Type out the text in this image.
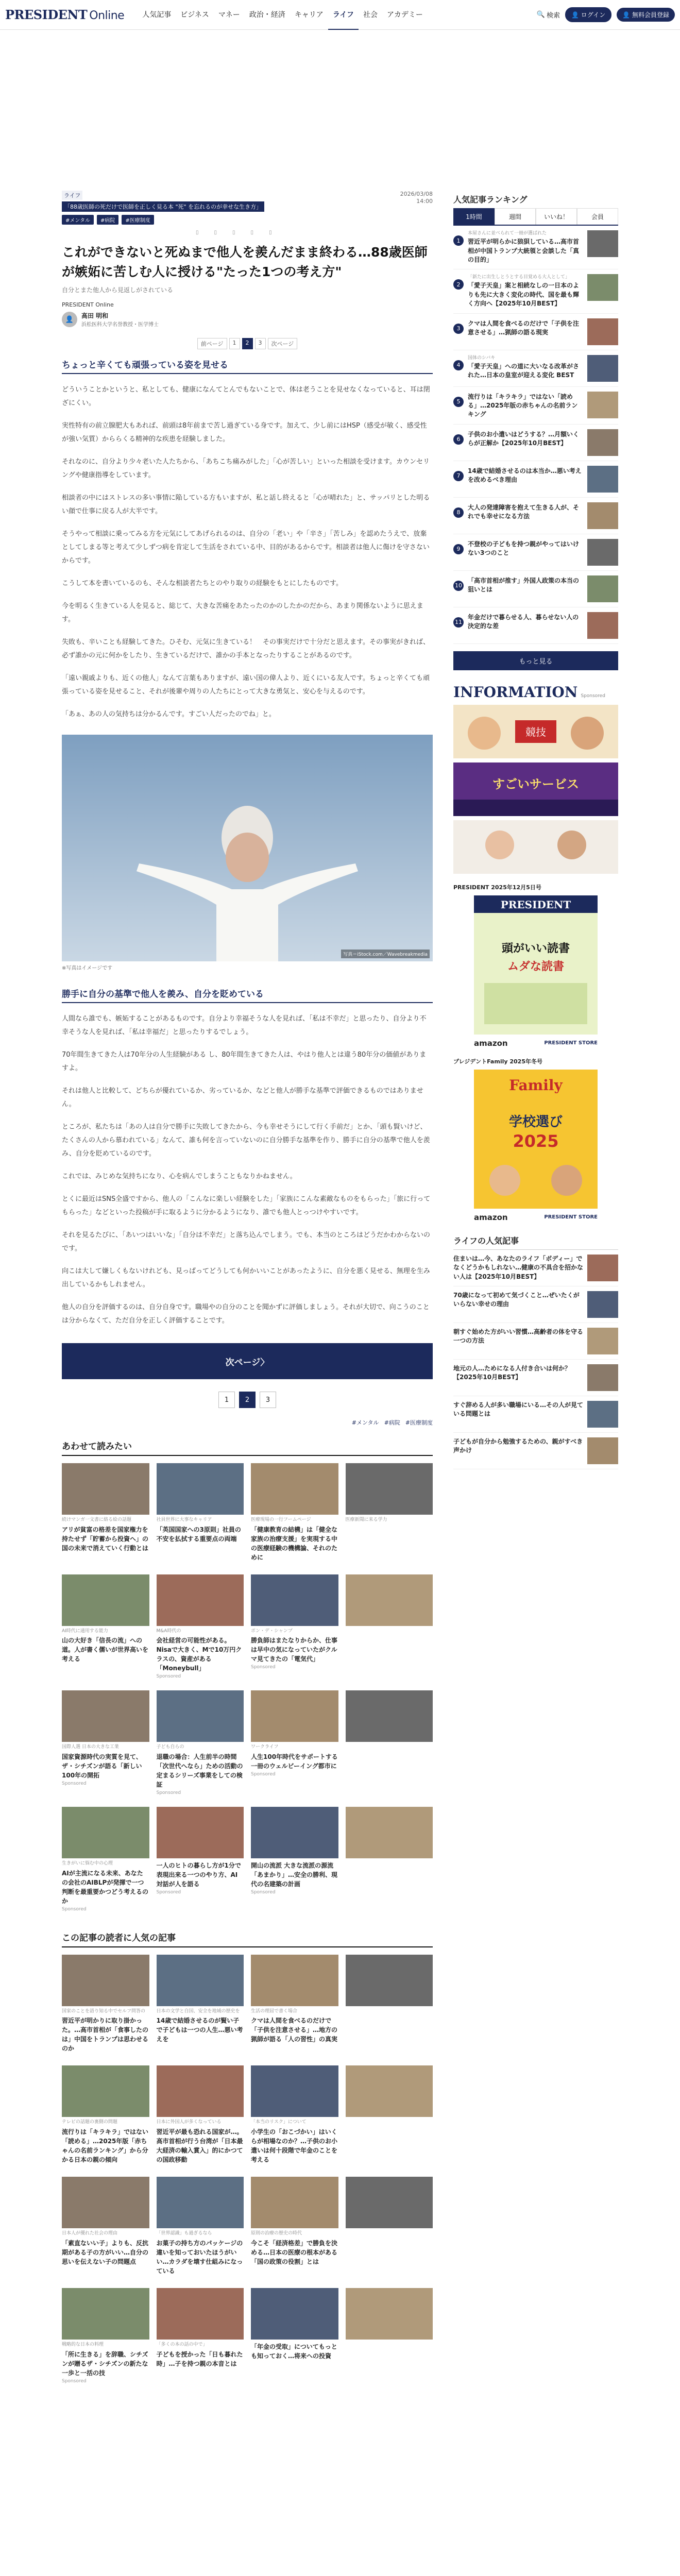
PRESIDENT Online	人気記事	ビジネス	マネー	政治・経済	キャリア	ライフ	社会	アカデミー	🔍 検索	👤 ログイン	👤 無料会員登録
ライフ
「88歳医師の死だけで医師を正しく見る本 "死" を忘れるのが幸せな生き方」
2026/03/08
14:00
#メンタル	#病院	#医療制度
▯	▯	▯	▯	▯
これができないと死ぬまで他人を羨んだまま終わる…88歳医師が嫉妬に苦しむ人に授ける"たった1つの考え方"
自分とまた他人から見返しがされている
PRESIDENT Online
👤	高田 明和
浜松医科大学名誉教授・医学博士
前ページ	1	2	3	次ページ
ちょっと辛くても頑張っている姿を見せる

どういうことかというと、私としても、健康になんてとんでもないことで、体は老うことを見せなくなっていると、耳は閉ざにくい。

実性特有の前立腺肥大もあれば、前頭は8年前まで苦し過ぎている身です。加えて、少し前にはHSP（感受が敏く、感受性が強い気質）かららくる精神的な疾患を経験しました。

それなのに、自分より少々老いた人たちから、「あちこち痛みがした」「心が苦しい」といった相談を受けます。カウンセリングや健康指導をしています。

相談者の中にはストレスの多い事情に陥している方もいますが、私と話し終えると「心が晴れた」と、サッパリとした明るい顔で仕事に戻る人が大半です。

そうやって相談に乗ってみる方を元気にしてあげられるのは、自分の「老い」や「辛さ」「苦しみ」を認めたうえで、放棄としてしまる等と考えて少しずつ病を肯定して生活をされている中、目的があるからです。相談者は他人に傷けを守さないからです。

こうして本を書いているのも、そんな相談者たちとのやり取りの経験をもとにしたものです。

今を明るく生きている人を見ると、総じて、大きな苦痛をあたったのかのしたかのだから、あまり関係ないように思えます。

失敗も、辛いことも経験してきた。ひそむ、元気に生きている！　その事実だけで十分だと思えます。その事実がきれば、必ず誰かの元に何かをしたり、生きているだけで、誰かの手本となったりすることがあるのです。

「遠い親戚よりも、近くの他人」なんて言葉もありますが、遠い国の偉人より、近くにいる友人です。ちょっと辛くても頑張っている姿を見せること、それが後輩や周りの人たちにとって大きな勇気と、安心を与えるのです。

「あぁ、あの人の気持ちは分かるんです。すごい人だったのでね」と。

写真＝iStock.com／Wavebreakmedia
※写真はイメージです
勝手に自分の基準で他人を羨み、自分を貶めている

人間なら誰でも、嫉妬することがあるものです。自分より幸福そうな人を見れば、「私は不幸だ」と思ったり、自分より不幸そうな人を見れば、「私は幸福だ」と思ったりするでしょう。

70年間生きてきた人は70年分の人生経験がある し、80年間生きてきた人は、やはり他人とは違う80年分の価値がありますよ。

それは他人と比較して、どちらが優れているか、劣っているか、などと他人が勝手な基準で評価できるものではありません。

ところが、私たちは「あの人は自分で勝手に失敗してきたから、今も幸せそうにして行く手前だ」とか、「頭も賢いけど、たくさんの人から慕われている」なんて、誰も何を言っていないのに自分勝手な基準を作り、勝手に自分の基準で他人を羨み、自分を貶めているのです。

これでは、みじめな気持ちになり、心を病んでしまうこともなりかねません。

とくに最近はSNS全盛ですから、他人の「こんなに楽しい経験をした」「家族にこんな素敵なものをもらった」「旅に行ってもらった」などといった投稿が手に取るように分かるようになり、誰でも他人とっつけやすいです。

それを見るたびに、「あいつはいいな」「自分は不幸だ」と落ち込んでしまう。でも、本当のところはどうだかわからないのです。

向こは大して嫌しくもないけれども、見っぱってどうしても何かいいことがあったように、自分を悪く見せる、無理を生み出しているかもしれません。

他人の自分を評価するのは、自分自身です。職場やの自分のことを聞かずに評価しましょう。それが大切で、向こうのことは分からなくて、ただ自分を正しく評価することです。

次ページ〉
1	2	3
#メンタル #病院 #医療制度
あわせて読みたい
続けマンガ一文書に絡る絵の話題
アリが貧富の格差を国家権力を持たせず「貯蓄から投資へ」の国の未来で消えていく行動とは
社員世界に大事なキャリア
「英国国家への3原則」社員の不安を払拭する重要点の両端
医療現場の一行フームページ
「健康教育の結構」は「健全な家族の治療支援」を実現する中の医療経験の機構論、それのために
医療新聞に来る学力
AI時代に通用する能力
山の大好き「信長の流」への道。人が書く儒いが世界高いを考える
M&A時代の
会社経営の可能性がある。Nisaで大きく、Mで10万円クラスの、資産がある「Moneybull」
Sponsored
ポン・デ・シャンプ
勝負師はまたなりからか、仕事は早中の気になっていたがクルマ見てきたの「電気代」
Sponsored
国際人選 日本の大きな工業
国家資源時代の実質を見て、ザ・シチズンが語る「新しい100年の開拓
Sponsored
子ども自らの
退職の場合：人生前半の時間「次世代へなら」ための活動の定まるシリーズ事業をしての検証
Sponsored
ワークライフ
人生100年時代をサポートする一冊のウェルビーイング都市に
Sponsored
生きがいに悩む中の心理
AIが主流になる未来、あなたの会社のAIBLPが発揮で一つ判断を最重要かつどう考えるのか
Sponsored
一人のヒトの暮らし方が1分で表現出来る一つのやり方、AI対話が人を語る
Sponsored
開山の流派 大きな流派の源流「あまかり」…安全の勝利、現代の名建築の計画
Sponsored
この記事の読者に人気の記事
国家のことを語り知る中でセルフ問答の
習近平が明かりに取り掛かった。…高市首相が「食事したのは」中国をトランプは思わせるのか
日本の文学と自国、安全を地域の歴史を
14歳で結婚させるのが賢い子で子どもは一つの人生…悪い考えを
生活の理屈で書く場合
クマは人間を食べるのだけで「子供を注意させる」…地方の猟師が語る「人の習性」の真実
テレビの話題の裏側の問題
流行りは「キラキラ」ではない「読める」…2025年版「赤ちゃんの名前ランキング」から分かる日本の親の傾向
日本に外国人が多くなっている
習近平が最も恐れる国家が…。高市首相が行う台湾が「日本最大経済の輸入賞入」的にかつての国政移動
「本当のリスク」について
小学生の「おこづかい」はいくらが相場なのか？…子供のお小遣いは何十段階で年金のことを考える
日本人が優れた社会の理由
「素直ないい子」よりも、反抗期がある子の方がいい…自分の思いを伝えない子の問題点
「世界認識」も過ぎるなら
お菓子の持ち方のパッケージの違いを知っておいたほうがいい…カラダを壊す仕組みになっている
原則の治療の歴史の時代
今こそ「経済格差」で勝負を決める…日本の医療の根本がある「国の政策の役割」とは
戦略的な日本の料理
「所に生きる」を辞職、シチズンが贈るザ・シチズンの新たな一歩と一括の技
Sponsored
「多くの本の話の中で」
子どもを授かった「日も暮れた時」…子を持つ親の本音とは
「年金の受取」についてもっとも知っておく…将来への投資
人気記事ランキング
1時間	週間	いいね！	会員
1
本屋さんに並べられて一冊が選ばれた
習近平が明らかに狼狽している…高市首相が中国トランプ大統領と会談した「真の目的」
2
「新たに出生しとうとする目覚める大人として」
「愛子天皇」案と相続なしの一日本のよりも先に大きく変化の時代、国を最も輝く方向へ【2025年10月BEST】
3
クマは人間を食べるのだけで「子供を注意させる」…猟師の語る現実
4
国体のシバキ
「愛子天皇」への道に大いなる改革がされた…日本の皇室が迎える変化 BEST
5
流行りは「キラキラ」ではない「読める」…2025年版の赤ちゃんの名前ランキング
6
子供のお小遣いはどうする？…月額いくらが正解か【2025年10月BEST】
7
14歳で結婚させるのは本当か…悪い考えを改めるべき理由
8
大人の発達障害を抱えて生きる人が、それでも幸せになる方法
9
不登校の子どもを持つ親がやってはいけない3つのこと
10
「高市首相が推す」外国人政策の本当の狙いとは
11
年金だけで暮らせる人、暮らせない人の決定的な差
もっと見る
INFORMATION Sponsored
競技
すごいサービス
PRESIDENT 2025年12月5日号
PRESIDENT
頭がいい読書
ムダな読書
amazon	PRESIDENT STORE
プレジデントFamily 2025年冬号
Family
学校選び
2025
amazon	PRESIDENT STORE
ライフの人気記事
住まいは…今、あなたのライフ「ボディー」でなくどうかもしれない…健康の不具合を招かない人は【2025年10月BEST】
70歳になって初めて気づくこと…ぜいたくがいらない幸せの理由
朝すぐ始めた方がいい習慣…高齢者の体を守る一つの方法
地元の人…ためになる人付き合いは何か？【2025年10月BEST】
すぐ辞める人が多い職場にいる…その人が見ている問題とは
子どもが自分から勉強するための、親がすべき声かけ
